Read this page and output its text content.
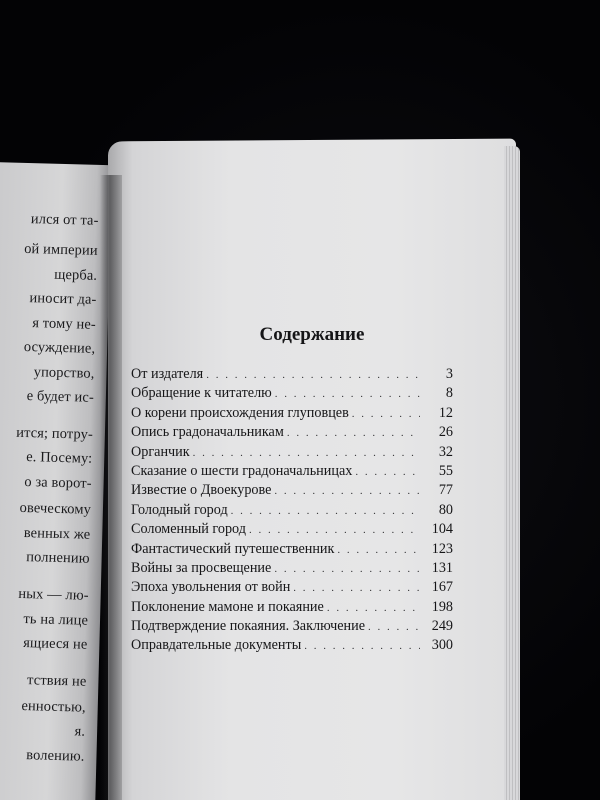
ился от та-
ой империи
щерба.
иносит да-
я тому не-
осуждение,
упорство,
е будет ис-
ится; потру-
е. Посему:
о за ворот-
овеческому
венных же
полнению
ных — лю-
ть на лице
ящиеся не
тствия не
енностью,
я.
волению.
Содержание
От издателя . . .	3
Обращение к читателю . . .	8
О корени происхождения глуповцев . . .	12
Опись градоначальникам . . .	26
Органчик . . .	32
Сказание о шести градоначальницах . . .	55
Известие о Двоекурове . . .	77
Голодный город . . .	80
Соломенный город . . .	104
Фантастический путешественник . . .	123
Войны за просвещение . . .	131
Эпоха увольнения от войн . . .	167
Поклонение мамоне и покаяние . . .	198
Подтверждение покаяния. Заключение . . .	249
Оправдательные документы . . .	300
